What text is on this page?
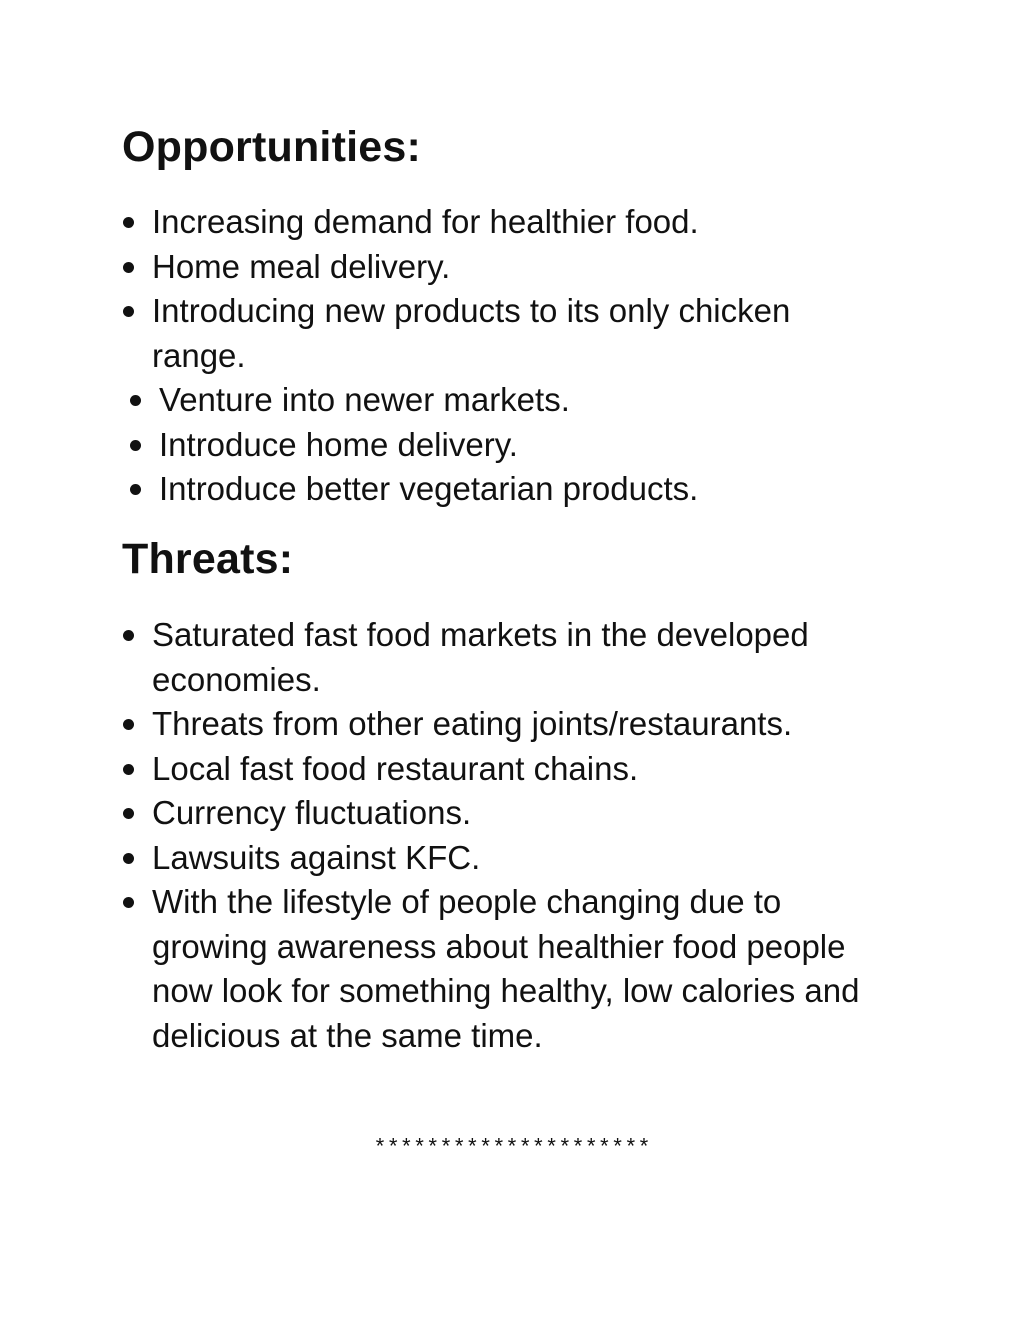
Opportunities:
Increasing demand for healthier food.
Home meal delivery.
Introducing new products to its only chicken range.
Venture into newer markets.
Introduce home delivery.
Introduce better vegetarian products.
Threats:
Saturated fast food markets in the developed economies.
Threats from other eating joints/restaurants.
Local fast food restaurant chains.
Currency fluctuations.
Lawsuits against KFC.
With the lifestyle of people changing due to growing awareness about healthier food people now look for something healthy, low calories and delicious at the same time.

*********************
